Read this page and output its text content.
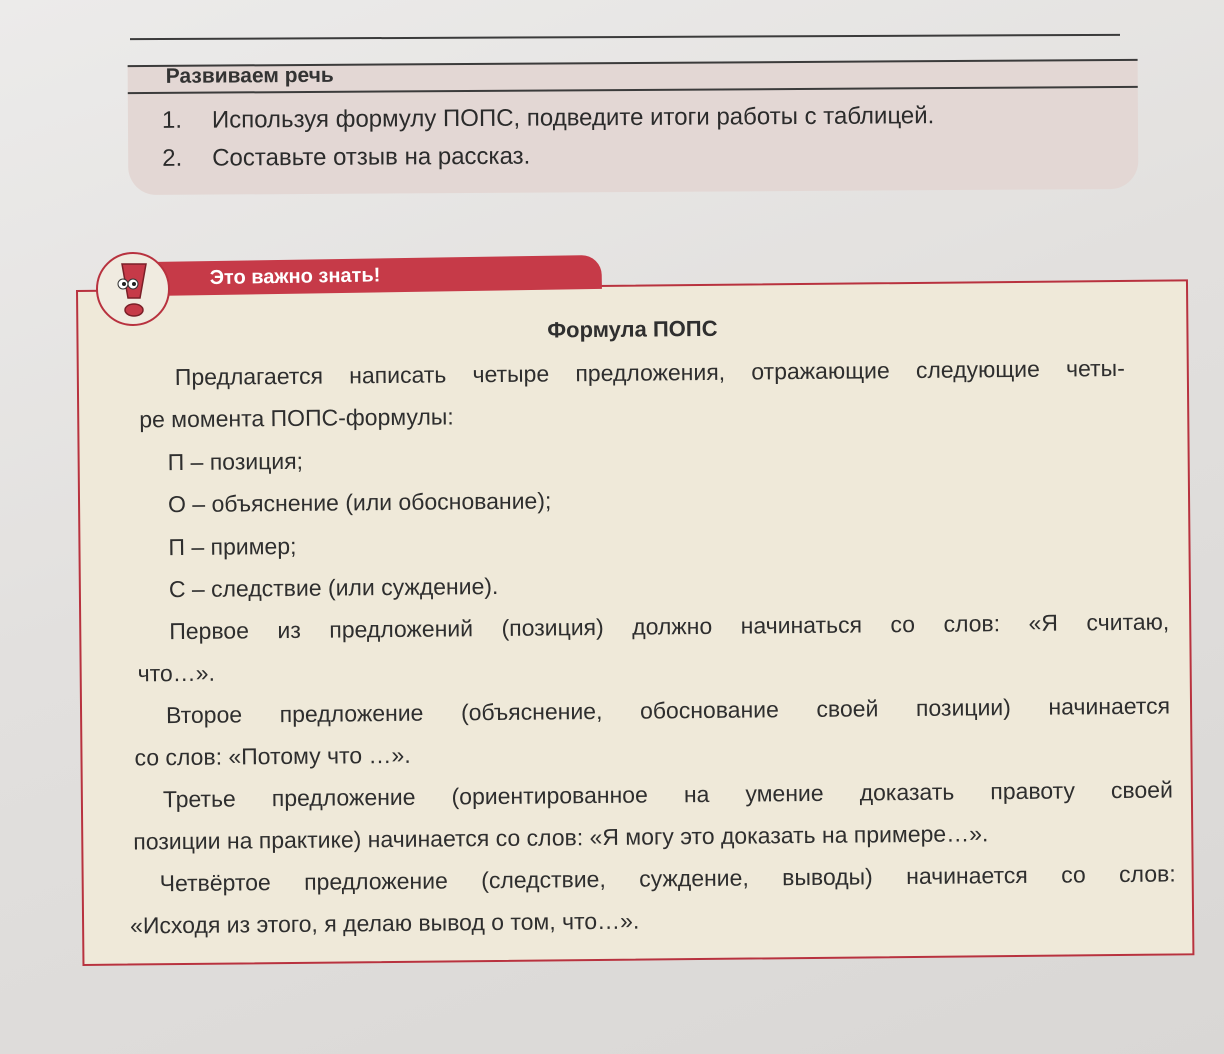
Развиваем речь
1. Используя формулу ПОПС, подведите итоги работы с таблицей.
2. Составьте отзыв на рассказ.
Формула ПОПС
Предлагается написать четыре предложения, отражающие следующие четы-
ре момента ПОПС-формулы:
П – позиция;
О – объяснение (или обоснование);
П – пример;
С – следствие (или суждение).
Первое из предложений (позиция) должно начинаться со слов: «Я считаю,
что…».
Второе предложение (объяснение, обоснование своей позиции) начинается
со слов: «Потому что …».
Третье предложение (ориентированное на умение доказать правоту своей
позиции на практике) начинается со слов: «Я могу это доказать на примере…».
Четвёртое предложение (следствие, суждение, выводы) начинается со слов:
«Исходя из этого, я делаю вывод о том, что…».
Это важно знать!
